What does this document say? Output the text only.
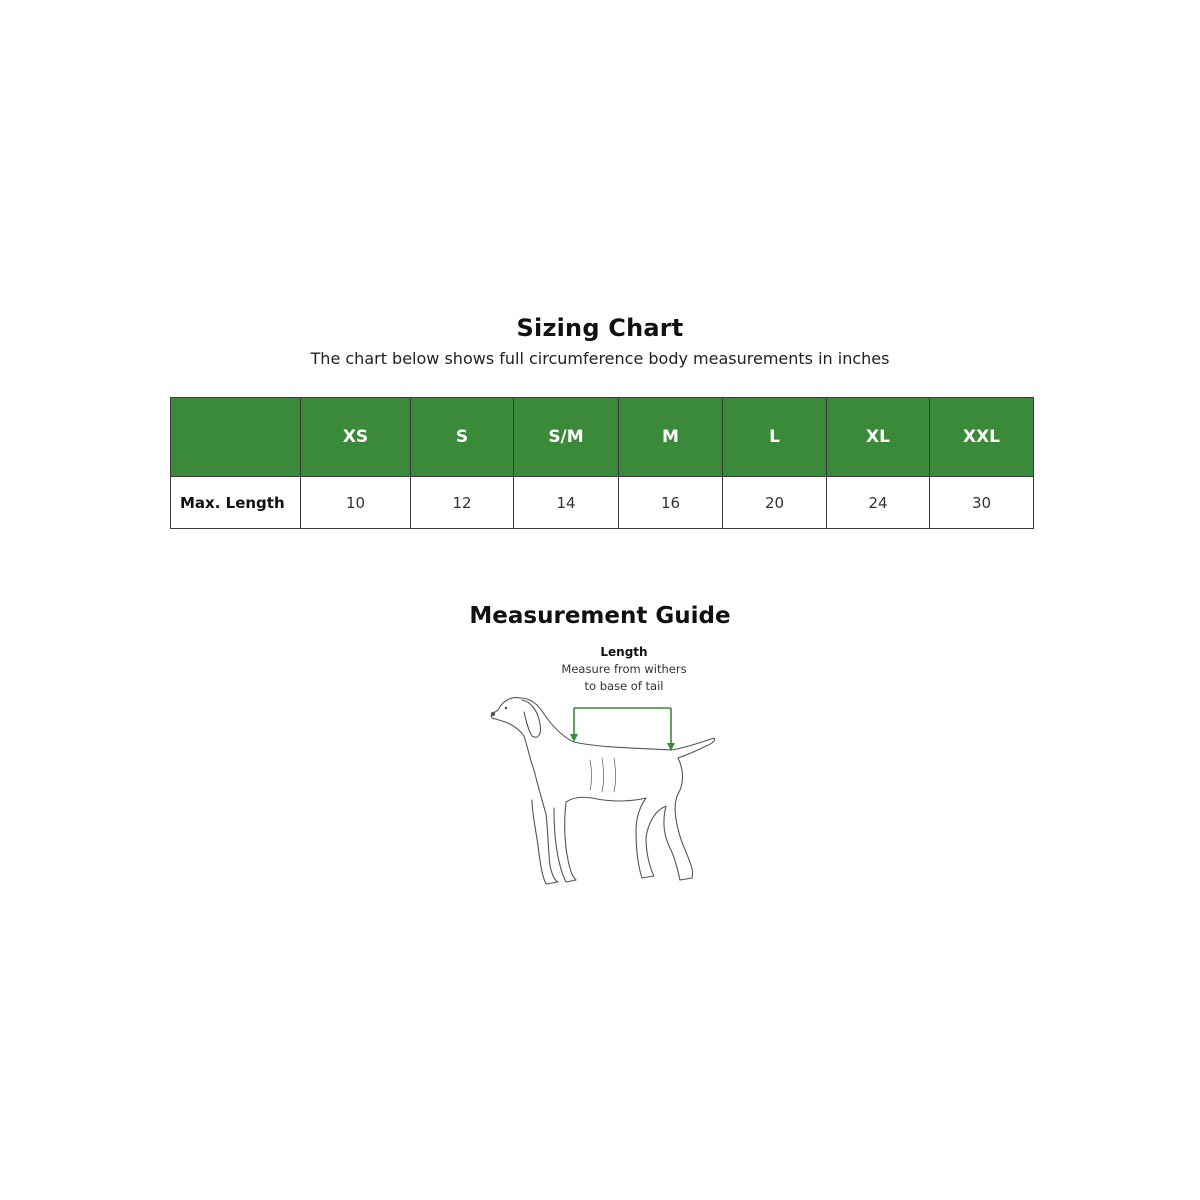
Sizing Chart
The chart below shows full circumference body measurements in inches
	XS	S	S/M	M	L	XL	XXL
Max. Length	10	12	14	16	20	24	30
Measurement Guide
Length
Measure from withers
to base of tail
